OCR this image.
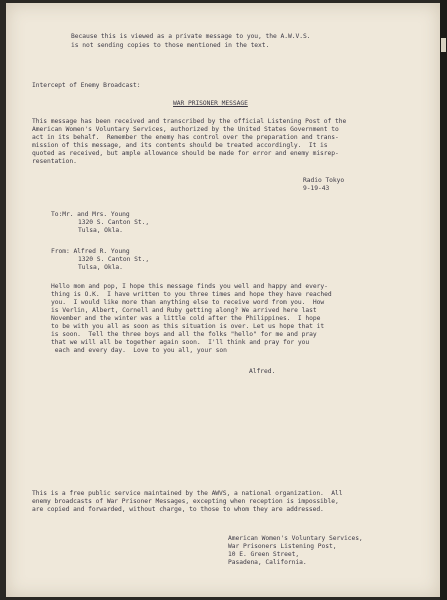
Because this is viewed as a private message to you, the A.W.V.S.
is not sending copies to those mentioned in the text.
Intercept of Enemy Broadcast:
WAR PRISONER MESSAGE
This message has been received and transcribed by the official Listening Post of the
American Women's Voluntary Services, authorized by the United States Government to
act in its behalf.  Remember the enemy has control over the preparation and trans-
mission of this message, and its contents should be treated accordingly.  It is
quoted as received, but ample allowance should be made for error and enemy misrep-
resentation.
Radio Tokyo
9-19-43
To:Mr. and Mrs. Young
1320 S. Canton St.,
Tulsa, Okla.
From: Alfred R. Young
1320 S. Canton St.,
Tulsa, Okla.
Hello mom and pop, I hope this message finds you well and happy and every-
thing is O.K.  I have written to you three times and hope they have reached
you.  I would like more than anything else to receive word from you.  How
is Verlin, Albert, Cornell and Ruby getting along? We arrived here last
November and the winter was a little cold after the Philippines.  I hope
to be with you all as soon as this situation is over. Let us hope that it
is soon.  Tell the three boys and all the folks "hello" for me and pray
that we will all be together again soon.  I'll think and pray for you
each and every day.  Love to you all, your son
Alfred.
This is a free public service maintained by the AWVS, a national organization.  All
enemy broadcasts of War Prisoner Messages, excepting when reception is impossible,
are copied and forwarded, without charge, to those to whom they are addressed.
American Women's Voluntary Services,
War Prisoners Listening Post,
10 E. Green Street,
Pasadena, California.
